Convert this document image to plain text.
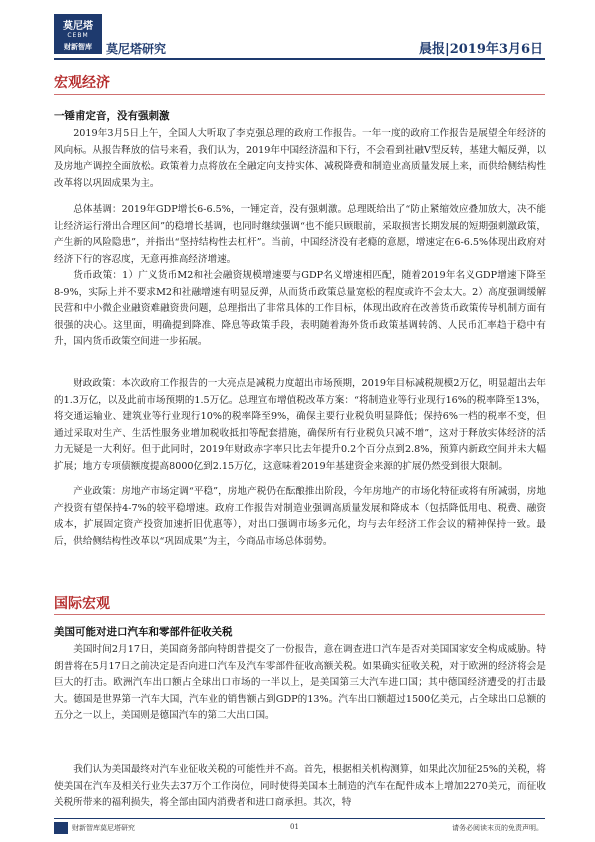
莫尼塔
CEBM
财新智库	莫尼塔研究	晨报|2019年3月6日
宏观经济
一锤甫定音，没有强刺激

2019年3月5日上午，全国人大听取了李克强总理的政府工作报告。一年一度的政府工作报告是展望全年经济的风向标。从报告释放的信号来看，我们认为，2019年中国经济温和下行，不会看到社融V型反转，基建大幅反弹，以及房地产调控全面放松。政策着力点将放在全融定向支持实体、减税降费和制造业高质量发展上来，而供给侧结构性改革将以巩固成果为主。

总体基调：2019年GDP增长6-6.5%，一锤定音，没有强刺激。总理既给出了“防止紧缩效应叠加放大，决不能让经济运行滑出合理区间”的稳增长基调，也同时继续强调“也不能只顾眼前，采取损害长期发展的短期强刺激政策，产生新的风险隐患”，并指出“坚持结构性去杠杆”。当前，中国经济没有老瘾的意愿，增速定在6-6.5%体现出政府对经济下行的容忍度，无意再推高经济增速。

货币政策：1）广义货币M2和社会融资规模增速要与GDP名义增速相匹配，随着2019年名义GDP增速下降至8-9%，实际上并不要求M2和社融增速有明显反弹，从而货币政策总量宽松的程度或许不会太大。2）高度强调缓解民营和中小微企业融资难融资贵问题，总理指出了非常具体的工作目标，体现出政府在改善货币政策传导机制方面有很强的决心。这里面，明确提到降准、降息等政策手段，表明随着海外货币政策基调转鸽、人民币汇率趋于稳中有升，国内货币政策空间进一步拓展。

财政政策：本次政府工作报告的一大亮点是减税力度超出市场预期，2019年目标减税规模2万亿，明显超出去年的1.3万亿，以及此前市场预期的1.5万亿。总理宣布增值税改革方案：“将制造业等行业现行16%的税率降至13%，将交通运输业、建筑业等行业现行10%的税率降至9%，确保主要行业税负明显降低；保持6%一档的税率不变，但通过采取对生产、生活性服务业增加税收抵扣等配套措施，确保所有行业税负只减不增”，这对于释放实体经济的活力无疑是一大利好。但于此同时，2019年财政赤字率只比去年提升0.2个百分点到2.8%，预算内新政空间并未大幅扩展；地方专项债额度提高8000亿到2.15万亿，这意味着2019年基建资金来源的扩展仍然受到很大限制。

产业政策：房地产市场定调“平稳”，房地产税仍在酝酿推出阶段，今年房地产的市场化特征或将有所减弱，房地产投资有望保持4-7%的较平稳增速。政府工作报告对制造业强调高质量发展和降成本（包括降低用电、税费、融资成本，扩展固定资产投资加速折旧优惠等），对出口强调市场多元化，均与去年经济工作会议的精神保持一致。最后，供给侧结构性改革以“巩固成果”为主，今商品市场总体弱势。

国际宏观
美国可能对进口汽车和零部件征收关税

美国时间2月17日，美国商务部向特朗普提交了一份报告，意在调查进口汽车是否对美国国家安全构成威胁。特朗普将在5月17日之前决定是否向进口汽车及汽车零部件征收高额关税。如果确实征收关税，对于欧洲的经济将会是巨大的打击。欧洲汽车出口额占全球出口市场的一半以上，是美国第三大汽车进口国；其中德国经济遭受的打击最大。德国是世界第一汽车大国，汽车业的销售额占到GDP的13%。汽车出口额超过1500亿美元，占全球出口总额的五分之一以上，美国则是德国汽车的第二大出口国。

我们认为美国最终对汽车业征收关税的可能性并不高。首先，根据相关机构测算，如果此次加征25%的关税，将使美国在汽车及相关行业失去37万个工作岗位，同时使得美国本土制造的汽车在配件成本上增加2270美元，而征收关税所带来的福利损失，将全部由国内消费者和进口商承担。其次，特

财新智库莫尼塔研究	01	请务必阅读末页的免责声明。
